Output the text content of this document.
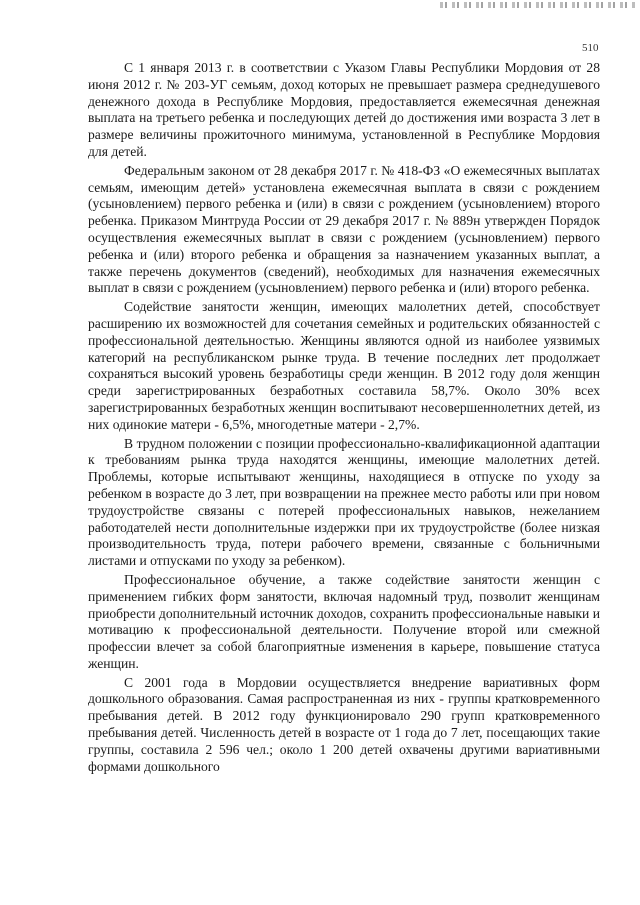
510

С 1 января 2013 г. в соответствии с Указом Главы Республики Мордовия от 28 июня 2012 г. № 203-УГ семьям, доход которых не превышает размера среднедушевого денежного дохода в Республике Мордовия, предоставляется ежемесячная денежная выплата на третьего ребенка и последующих детей до достижения ими возраста 3 лет в размере величины прожиточного минимума, установленной в Республике Мордовия для детей.

Федеральным законом от 28 декабря 2017 г. № 418-ФЗ «О ежемесячных выплатах семьям, имеющим детей» установлена ежемесячная выплата в связи с рождением (усыновлением) первого ребенка и (или) в связи с рождением (усыновлением) второго ребенка. Приказом Минтруда России от 29 декабря 2017 г. № 889н утвержден Порядок осуществления ежемесячных выплат в связи с рождением (усыновлением) первого ребенка и (или) второго ребенка и обращения за назначением указанных выплат, а также перечень документов (сведений), необходимых для назначения ежемесячных выплат в связи с рождением (усыновлением) первого ребенка и (или) второго ребенка.

Содействие занятости женщин, имеющих малолетних детей, способствует расширению их возможностей для сочетания семейных и родительских обязанностей с профессиональной деятельностью. Женщины являются одной из наиболее уязвимых категорий на республиканском рынке труда. В течение последних лет продолжает сохраняться высокий уровень безработицы среди женщин. В 2012 году доля женщин среди зарегистрированных безработных составила 58,7%. Около 30% всех зарегистрированных безработных женщин воспитывают несовершеннолетних детей, из них одинокие матери - 6,5%, многодетные матери - 2,7%.

В трудном положении с позиции профессионально-квалификационной адаптации к требованиям рынка труда находятся женщины, имеющие малолетних детей. Проблемы, которые испытывают женщины, находящиеся в отпуске по уходу за ребенком в возрасте до 3 лет, при возвращении на прежнее место работы или при новом трудоустройстве связаны с потерей профессиональных навыков, нежеланием работодателей нести дополнительные издержки при их трудоустройстве (более низкая производительность труда, потери рабочего времени, связанные с больничными листами и отпусками по уходу за ребенком).

Профессиональное обучение, а также содействие занятости женщин с применением гибких форм занятости, включая надомный труд, позволит женщинам приобрести дополнительный источник доходов, сохранить профессиональные навыки и мотивацию к профессиональной деятельности. Получение второй или смежной профессии влечет за собой благоприятные изменения в карьере, повышение статуса женщин.

С 2001 года в Мордовии осуществляется внедрение вариативных форм дошкольного образования. Самая распространенная из них - группы кратковременного пребывания детей. В 2012 году функционировало 290 групп кратковременного пребывания детей. Численность детей в возрасте от 1 года до 7 лет, посещающих такие группы, составила 2 596 чел.; около 1 200 детей охвачены другими вариативными формами дошкольного
